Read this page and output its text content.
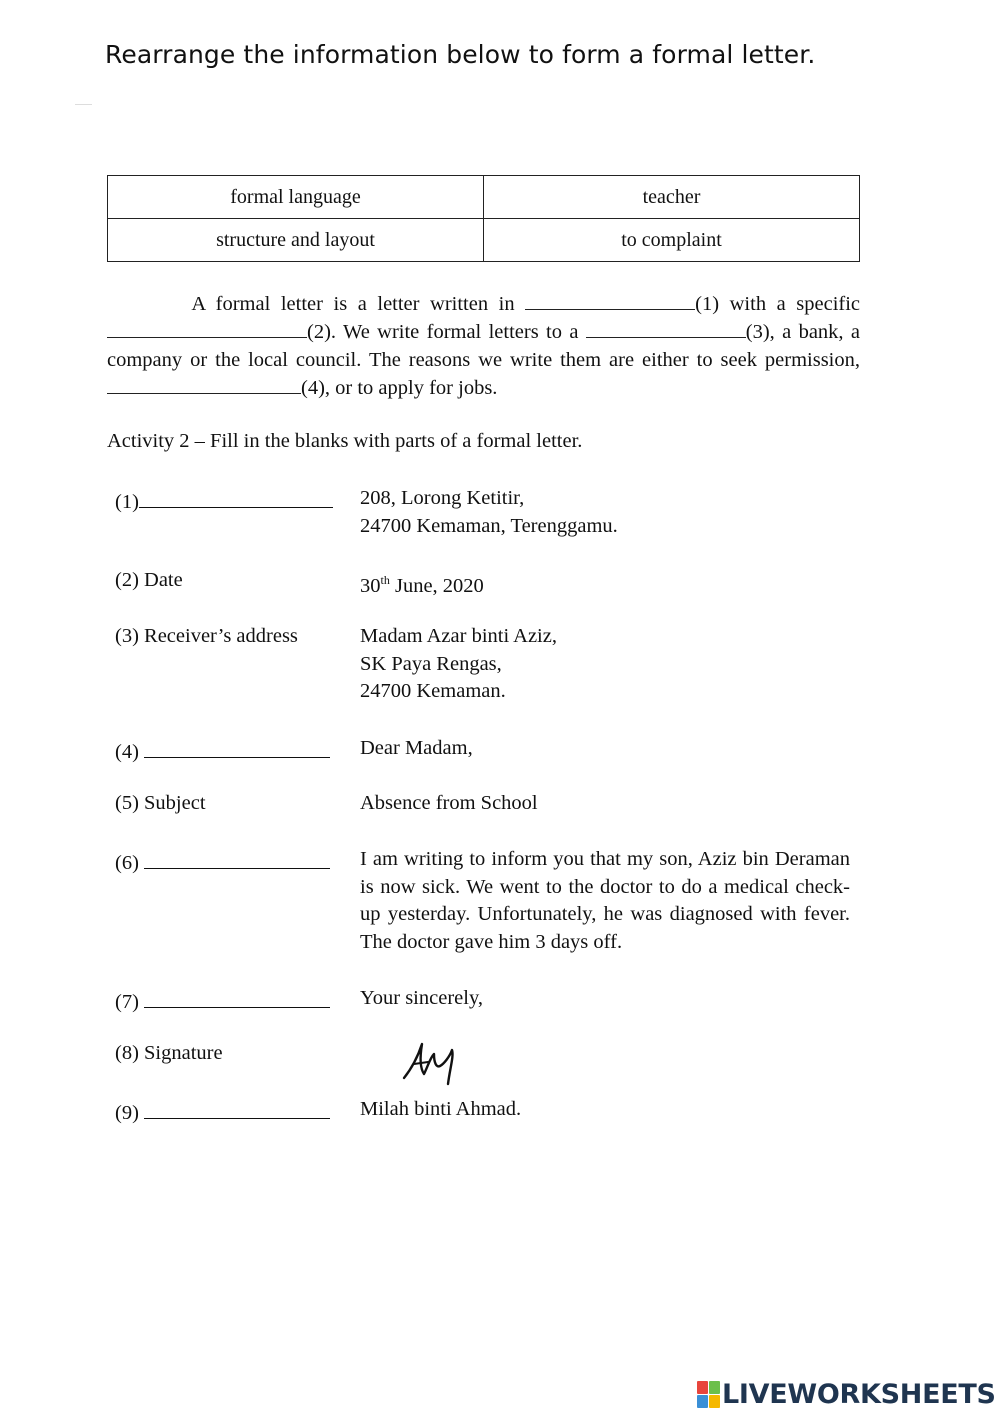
Rearrange the information below to form a formal letter.
formal language	teacher
structure and layout	to complaint

A formal letter is a letter written in	(1) with a specific (2). We write formal letters to a	(3), a bank, a company or the local council. The reasons we write them are either to seek permission, (4), or to apply for jobs.

Activity 2 – Fill in the blanks with parts of a formal letter.
(1)	208, Lorong Ketitir,
24700 Kemaman, Terenggamu.
(2) Date	30th June, 2020
(3) Receiver’s address	Madam Azar binti Aziz,
SK Paya Rengas,
24700 Kemaman.
(4)	Dear Madam,
(5) Subject	Absence from School
(6)	I am writing to inform you that my son, Aziz bin Deraman is now sick. We went to the doctor to do a medical check-up yesterday. Unfortunately, he was diagnosed with fever. The doctor gave him 3 days off.
(7)	Your sincerely,
(8) Signature
(9)	Milah binti Ahmad.
LIVEWORKSHEETS
